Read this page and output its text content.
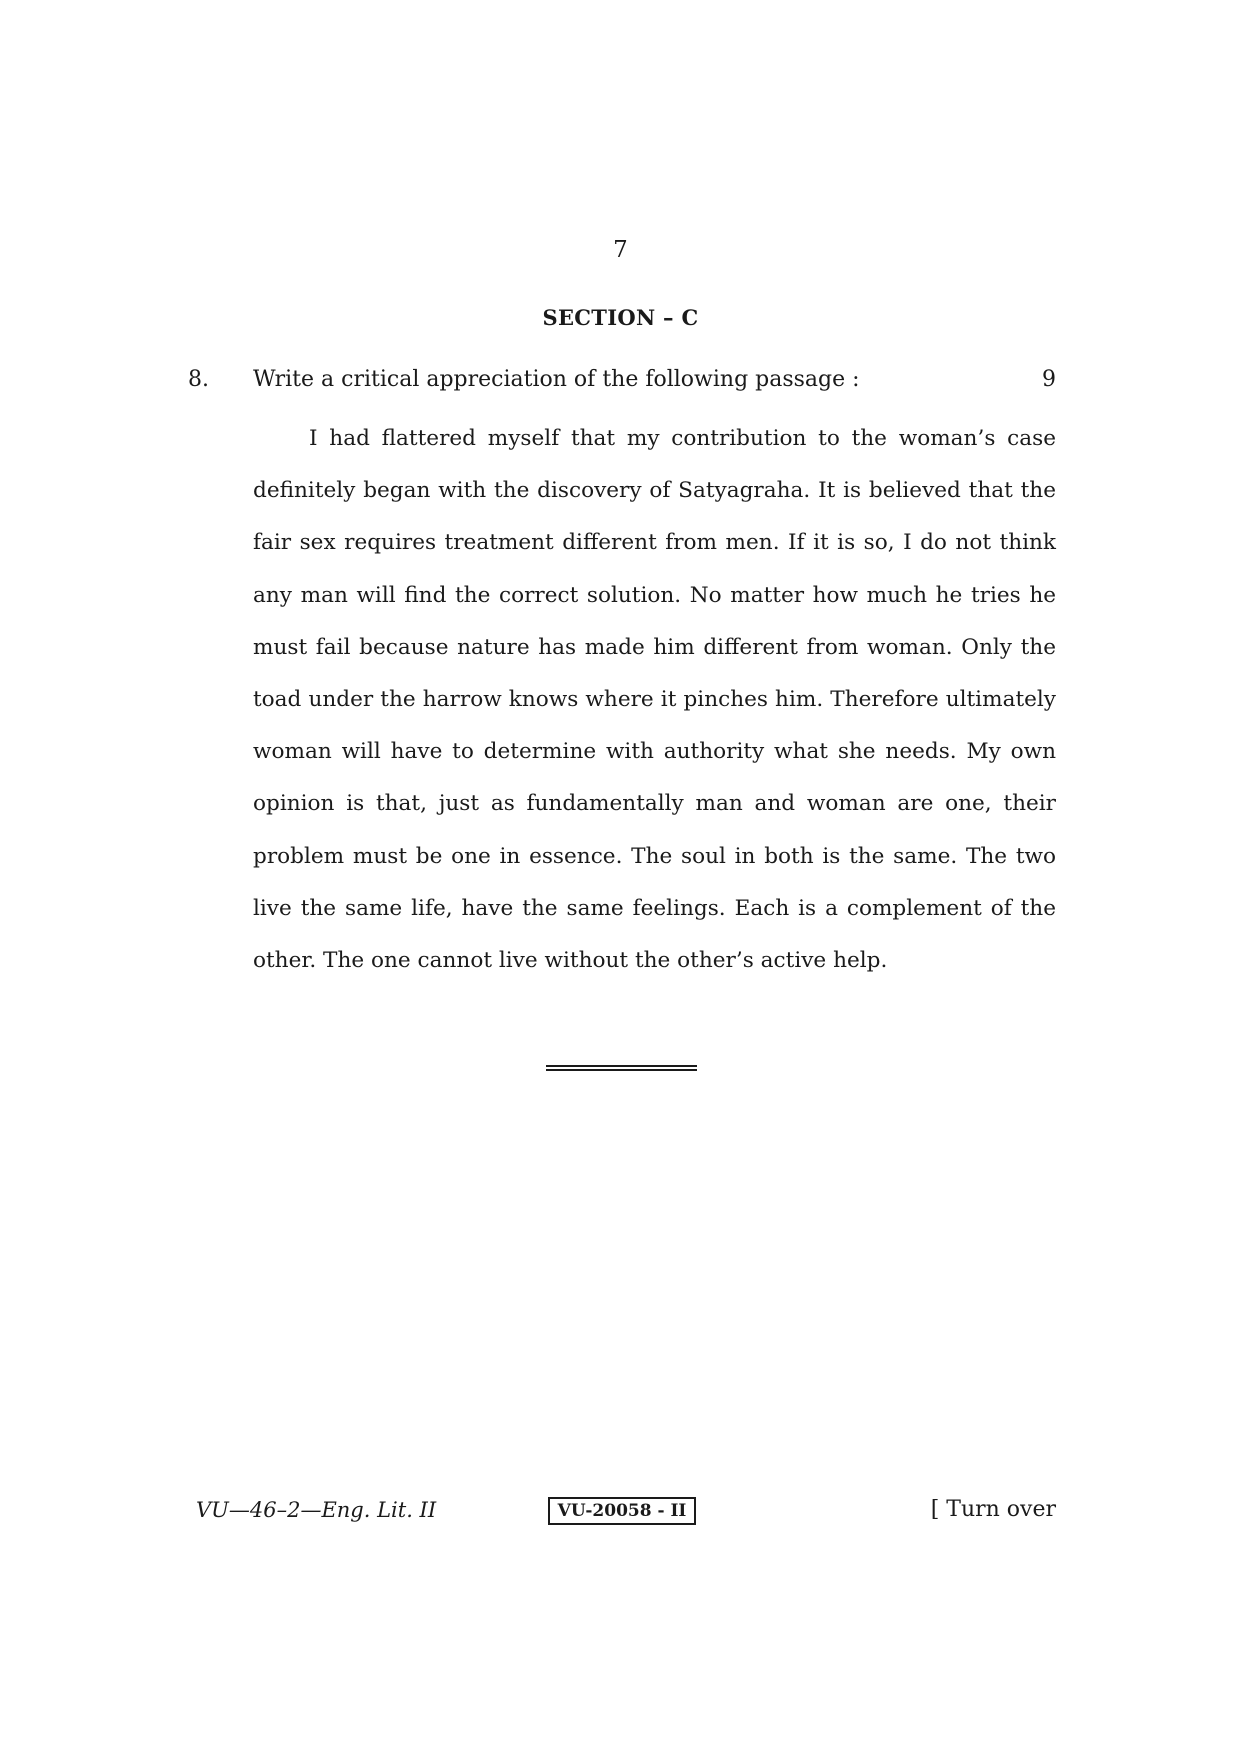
7
SECTION – C
8. Write a critical appreciation of the following passage :	9

I had flattered myself that my contribution to the woman’s case definitely began with the discovery of Satyagraha. It is believed that the fair sex requires treatment different from men. If it is so, I do not think any man will find the correct solution. No matter how much he tries he must fail because nature has made him different from woman. Only the toad under the harrow knows where it pinches him. Therefore ultimately woman will have to determine with authority what she needs. My own opinion is that, just as fundamentally man and woman are one, their problem must be one in essence. The soul in both is the same. The two live the same life, have the same feelings. Each is a complement of the other. The one cannot live without the other’s active help.

VU—46–2—Eng. Lit. II	VU-20058 - II	[ Turn over
